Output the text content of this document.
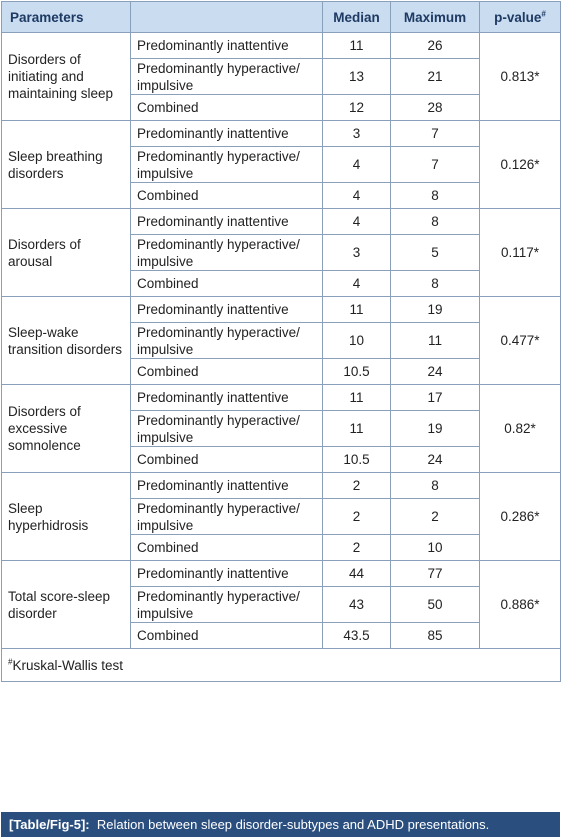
Parameters		Median	Maximum	p-value#
Disorders of initiating and maintaining sleep	Predominantly inattentive	11	26	0.813*
	Predominantly hyperactive/ impulsive	13	21	
	Combined	12	28	
Sleep breathing disorders	Predominantly inattentive	3	7	0.126*
	Predominantly hyperactive/ impulsive	4	7	
	Combined	4	8	
Disorders of arousal	Predominantly inattentive	4	8	0.117*
	Predominantly hyperactive/ impulsive	3	5	
	Combined	4	8	
Sleep-wake transition disorders	Predominantly inattentive	11	19	0.477*
	Predominantly hyperactive/ impulsive	10	11	
	Combined	10.5	24	
Disorders of excessive somnolence	Predominantly inattentive	11	17	0.82*
	Predominantly hyperactive/ impulsive	11	19	
	Combined	10.5	24	
Sleep hyperhidrosis	Predominantly inattentive	2	8	0.286*
	Predominantly hyperactive/ impulsive	2	2	
	Combined	2	10	
Total score-sleep disorder	Predominantly inattentive	44	77	0.886*
	Predominantly hyperactive/ impulsive	43	50	
	Combined	43.5	85	
#Kruskal-Wallis test				
[Table/Fig-5]: Relation between sleep disorder-subtypes and ADHD presentations.
